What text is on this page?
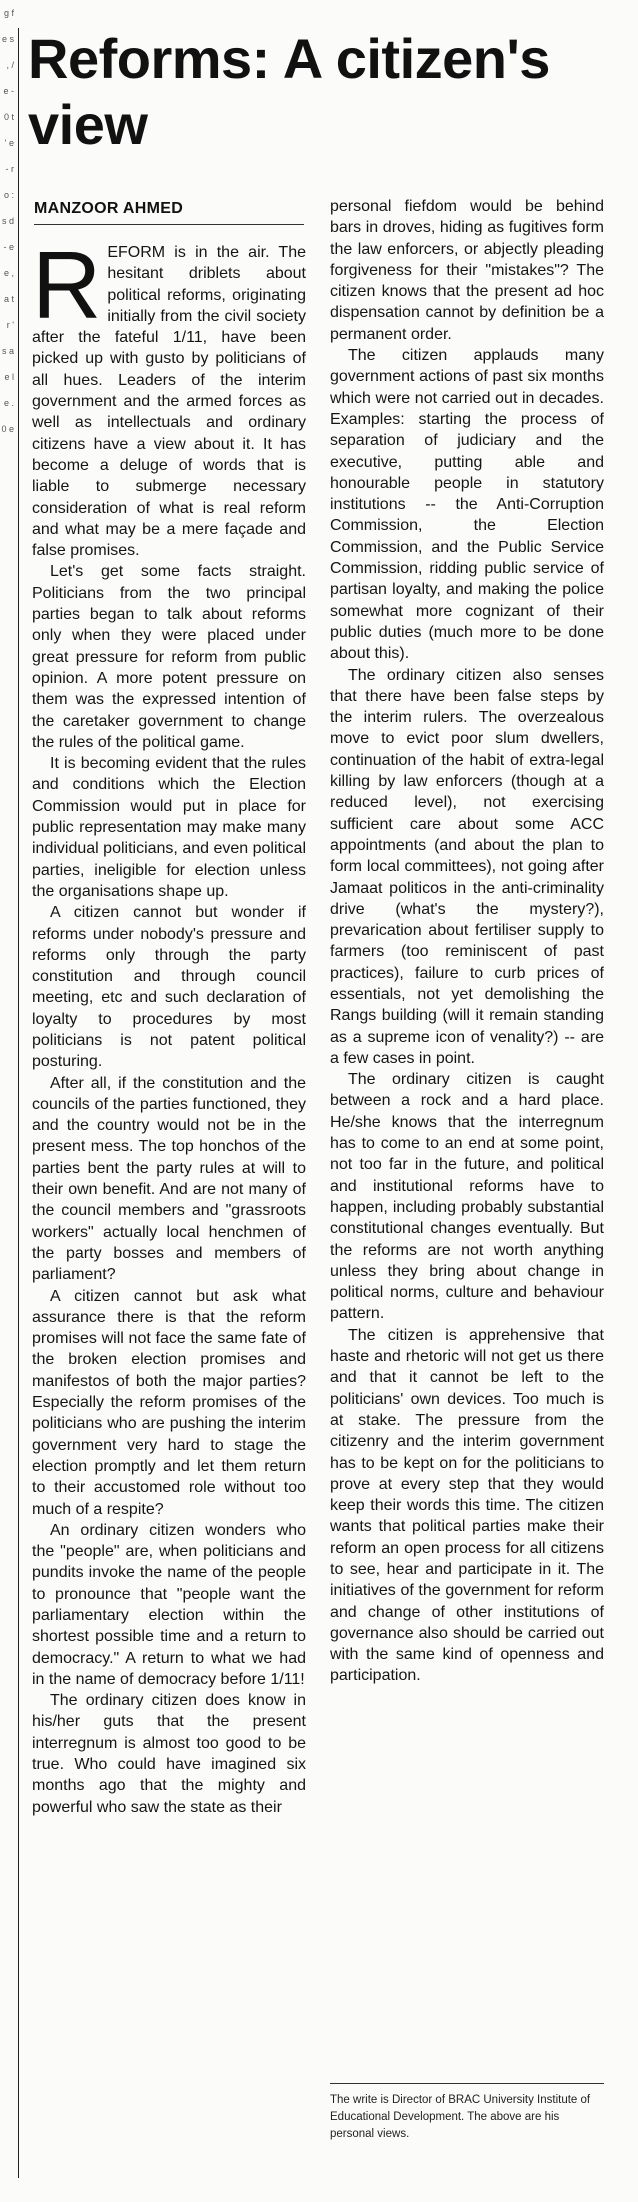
g f e s , / e - 0 t ' e - r o : s d - e e , a t r ' s a e l e . 0 e
Reforms: A citizen's view
MANZOOR AHMED

REFORM is in the air. The hesitant driblets about political reforms, originating initially from the civil society after the fateful 1/11, have been picked up with gusto by politicians of all hues. Leaders of the interim government and the armed forces as well as intellectuals and ordinary citizens have a view about it. It has become a deluge of words that is liable to submerge necessary consideration of what is real reform and what may be a mere façade and false promises.

Let's get some facts straight. Politicians from the two principal parties began to talk about reforms only when they were placed under great pressure for reform from public opinion. A more potent pressure on them was the expressed intention of the caretaker government to change the rules of the political game.

It is becoming evident that the rules and conditions which the Election Commission would put in place for public representation may make many individual politicians, and even political parties, ineligible for election unless the organisations shape up.

A citizen cannot but wonder if reforms under nobody's pressure and reforms only through the party constitution and through council meeting, etc and such declaration of loyalty to procedures by most politicians is not patent political posturing.

After all, if the constitution and the councils of the parties functioned, they and the country would not be in the present mess. The top honchos of the parties bent the party rules at will to their own benefit. And are not many of the council members and "grassroots workers" actually local henchmen of the party bosses and members of parliament?

A citizen cannot but ask what assurance there is that the reform promises will not face the same fate of the broken election promises and manifestos of both the major parties? Especially the reform promises of the politicians who are pushing the interim government very hard to stage the election promptly and let them return to their accustomed role without too much of a respite?

An ordinary citizen wonders who the "people" are, when politicians and pundits invoke the name of the people to pronounce that "people want the parliamentary election within the shortest possible time and a return to democracy." A return to what we had in the name of democracy before 1/11!

The ordinary citizen does know in his/her guts that the present interregnum is almost too good to be true. Who could have imagined six months ago that the mighty and powerful who saw the state as their

personal fiefdom would be behind bars in droves, hiding as fugitives form the law enforcers, or abjectly pleading forgiveness for their "mistakes"? The citizen knows that the present ad hoc dispensation cannot by definition be a permanent order.

The citizen applauds many government actions of past six months which were not carried out in decades. Examples: starting the process of separation of judiciary and the executive, putting able and honourable people in statutory institutions -- the Anti-Corruption Commission, the Election Commission, and the Public Service Commission, ridding public service of partisan loyalty, and making the police somewhat more cognizant of their public duties (much more to be done about this).

The ordinary citizen also senses that there have been false steps by the interim rulers. The overzealous move to evict poor slum dwellers, continuation of the habit of extra-legal killing by law enforcers (though at a reduced level), not exercising sufficient care about some ACC appointments (and about the plan to form local committees), not going after Jamaat politicos in the anti-criminality drive (what's the mystery?), prevarication about fertiliser supply to farmers (too reminiscent of past practices), failure to curb prices of essentials, not yet demolishing the Rangs building (will it remain standing as a supreme icon of venality?) -- are a few cases in point.

The ordinary citizen is caught between a rock and a hard place. He/she knows that the interregnum has to come to an end at some point, not too far in the future, and political and institutional reforms have to happen, including probably substantial constitutional changes eventually. But the reforms are not worth anything unless they bring about change in political norms, culture and behaviour pattern.

The citizen is apprehensive that haste and rhetoric will not get us there and that it cannot be left to the politicians' own devices. Too much is at stake. The pressure from the citizenry and the interim government has to be kept on for the politicians to prove at every step that they would keep their words this time. The citizen wants that political parties make their reform an open process for all citizens to see, hear and participate in it. The initiatives of the government for reform and change of other institutions of governance also should be carried out with the same kind of openness and participation.

The write is Director of BRAC University Institute of Educational Development. The above are his personal views.
